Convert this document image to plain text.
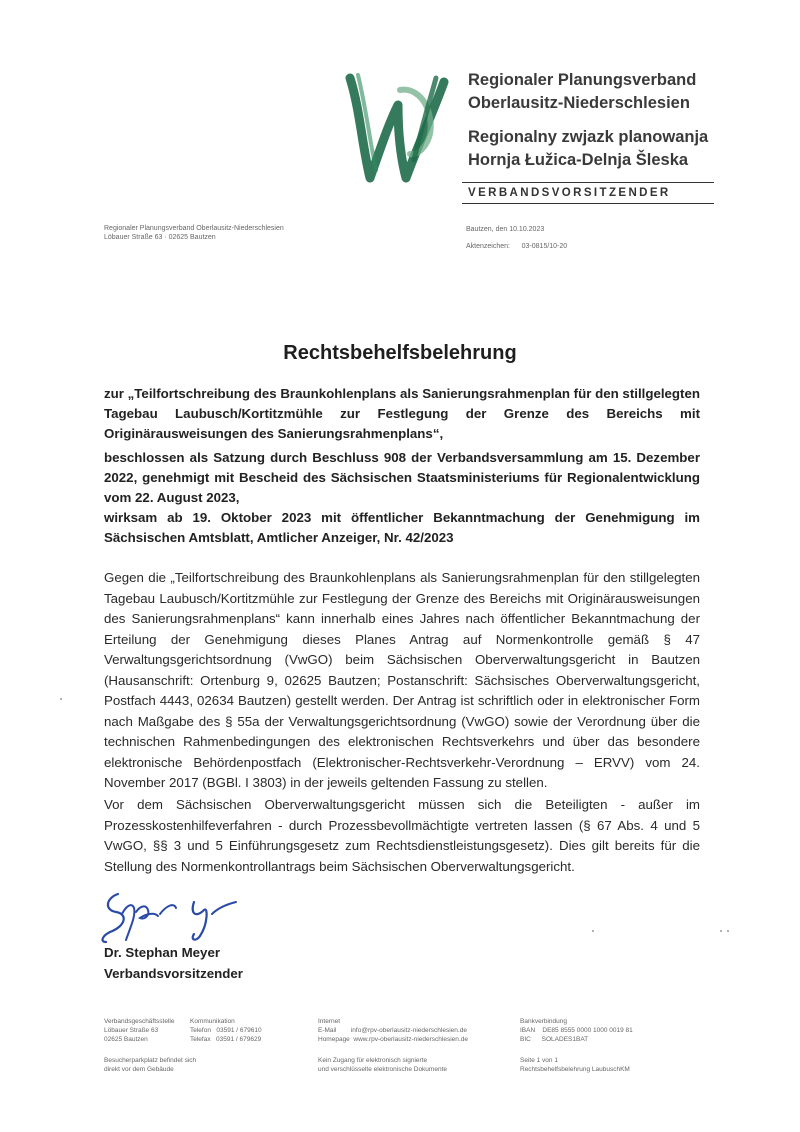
Regionaler Planungsverband
Oberlausitz-Niederschlesien
Regionalny zwjazk planowanja
Hornja Łužica-Delnja Šleska
VERBANDSVORSITZENDER
Regionaler Planungsverband Oberlausitz-Niederschlesien
Löbauer Straße 63 · 02625 Bautzen
Bautzen, den 10.10.2023
Aktenzeichen:      03-0815/10-20
Rechtsbehelfsbelehrung
zur „Teilfortschreibung des Braunkohlenplans als Sanierungsrahmenplan für den stillgelegten Tagebau Laubusch/Kortitzmühle zur Festlegung der Grenze des Bereichs mit Originärausweisungen des Sanierungsrahmenplans“,
beschlossen als Satzung durch Beschluss 908 der Verbandsversammlung am 15. Dezember 2022, genehmigt mit Bescheid des Sächsischen Staatsministeriums für Regionalentwicklung vom 22. August 2023,
wirksam ab 19. Oktober 2023 mit öffentlicher Bekanntmachung der Genehmigung im Sächsischen Amtsblatt, Amtlicher Anzeiger, Nr. 42/2023
Gegen die „Teilfortschreibung des Braunkohlenplans als Sanierungsrahmenplan für den stillgelegten Tagebau Laubusch/Kortitzmühle zur Festlegung der Grenze des Bereichs mit Originärausweisungen des Sanierungsrahmenplans“ kann innerhalb eines Jahres nach öffentlicher Bekanntmachung der Erteilung der Genehmigung dieses Planes Antrag auf Normenkontrolle gemäß § 47 Verwaltungsgerichtsordnung (VwGO) beim Sächsischen Oberverwaltungsgericht in Bautzen (Hausanschrift: Ortenburg 9, 02625 Bautzen; Postanschrift: Sächsisches Oberverwaltungsgericht, Postfach 4443, 02634 Bautzen) gestellt werden. Der Antrag ist schriftlich oder in elektronischer Form nach Maßgabe des § 55a der Verwaltungsgerichtsordnung (VwGO) sowie der Verordnung über die technischen Rahmenbedingungen des elektronischen Rechtsverkehrs und über das besondere elektronische Behördenpostfach (Elektronischer-Rechtsverkehr-Verordnung – ERVV) vom 24. November 2017 (BGBl. I 3803) in der jeweils geltenden Fassung zu stellen.
Vor dem Sächsischen Oberverwaltungsgericht müssen sich die Beteiligten - außer im Prozesskostenhilfeverfahren - durch Prozessbevollmächtigte vertreten lassen (§ 67 Abs. 4 und 5 VwGO, §§ 3 und 5 Einführungsgesetz zum Rechtsdienstleistungsgesetz). Dies gilt bereits für die Stellung des Normenkontrollantrags beim Sächsischen Oberverwaltungsgericht.
Dr. Stephan Meyer
Verbandsvorsitzender
Verbandsgeschäftsstelle
Löbauer Straße 63
02625 Bautzen
Kommunikation
Telefon   03591 / 679610
Telefax   03591 / 679629
Internet
E-Mail        info@rpv-oberlausitz-niederschlesien.de
Homepage  www.rpv-oberlausitz-niederschlesien.de
Bankverbindung
IBAN    DE85 8555 0000 1000 0019 81
BIC      SOLADES1BAT
Besucherparkplatz befindet sich
direkt vor dem Gebäude
Kein Zugang für elektronisch signierte
und verschlüsselte elektronische Dokumente
Seite 1 von 1
Rechtsbehelfsbelehrung LaubuschKM
